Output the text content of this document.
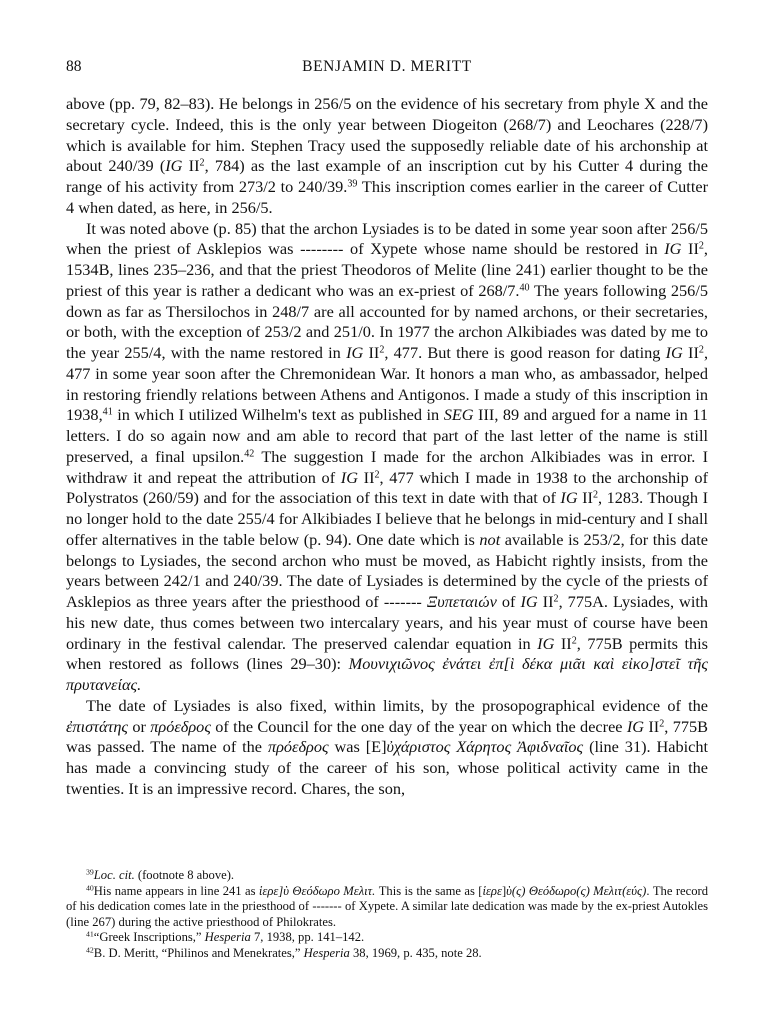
88	BENJAMIN D. MERITT

above (pp. 79, 82–83). He belongs in 256/5 on the evidence of his secretary from phyle X and the secretary cycle. Indeed, this is the only year between Diogeiton (268/7) and Leochares (228/7) which is available for him. Stephen Tracy used the supposedly reliable date of his archonship at about 240/39 (IG $II^2$, 784) as the last example of an inscription cut by his Cutter 4 during the range of his activity from 273/2 to 240/39.39 This inscription comes earlier in the career of Cutter 4 when dated, as here, in 256/5.

It was noted above (p. 85) that the archon Lysiades is to be dated in some year soon after 256/5 when the priest of Asklepios was -------- of Xypete whose name should be restored in IG $II^2$, 1534B, lines 235–236, and that the priest Theodoros of Melite (line 241) earlier thought to be the priest of this year is rather a dedicant who was an ex-priest of 268/7.40 The years following 256/5 down as far as Thersilochos in 248/7 are all accounted for by named archons, or their secretaries, or both, with the exception of 253/2 and 251/0. In 1977 the archon Alkibiades was dated by me to the year 255/4, with the name restored in IG $II^2$, 477. But there is good reason for dating IG $II^2$, 477 in some year soon after the Chremonidean War. It honors a man who, as ambassador, helped in restoring friendly relations between Athens and Antigonos. I made a study of this inscription in 1938,41 in which I utilized Wilhelm's text as published in SEG III, 89 and argued for a name in 11 letters. I do so again now and am able to record that part of the last letter of the name is still preserved, a final upsilon.$^{42}$ The suggestion I made for the archon Alkibiades was in error. I withdraw it and repeat the attribution of IG $II^2$, 477 which I made in 1938 to the archonship of Polystratos (260/59) and for the association of this text in date with that of IG $II^2$, 1283. Though I no longer hold to the date 255/4 for Alkibiades I believe that he belongs in mid-century and I shall offer alternatives in the table below (p. 94). One date which is not available is 253/2, for this date belongs to Lysiades, the second archon who must be moved, as Habicht rightly insists, from the years between 242/1 and 240/39. The date of Lysiades is determined by the cycle of the priests of Asklepios as three years after the priesthood of ------- Ξυπεταιών of IG $II^2$, 775A. Lysiades, with his new date, thus comes between two intercalary years, and his year must of course have been ordinary in the festival calendar. The preserved calendar equation in IG $II^2$, 775B permits this when restored as follows (lines 29–30): Μουνιχιῶνος ἐνάτει ἐπ[ὶ δέκα μιᾶι καὶ εἰκο]στεῖ τῆς πρυτανείας.

The date of Lysiades is also fixed, within limits, by the prosopographical evidence of the ἐπιστάτης or πρόεδρος of the Council for the one day of the year on which the decree IG $II^2$, 775B was passed. The name of the πρόεδρος was [Ε]ὐχάριστος Χάρητος Ἀφιδναῖος (line 31). Habicht has made a convincing study of the career of his son, whose political activity came in the twenties. It is an impressive record. Chares, the son,

$^{39}$Loc. cit. (footnote 8 above).

$^{40}$His name appears in line 241 as ἱερε]ὺ Θεόδωρο Μελιτ. This is the same as [ἱερε]ὺ(ς) Θεόδωρο(ς) Μελιτ(εύς). The record of his dedication comes late in the priesthood of ------- of Xypete. A similar late dedication was made by the ex-priest Autokles (line 267) during the active priesthood of Philokrates.

$^{41}$“Greek Inscriptions,” Hesperia 7, 1938, pp. 141–142.

$^{42}$B. D. Meritt, “Philinos and Menekrates,” Hesperia 38, 1969, p. 435, note 28.
